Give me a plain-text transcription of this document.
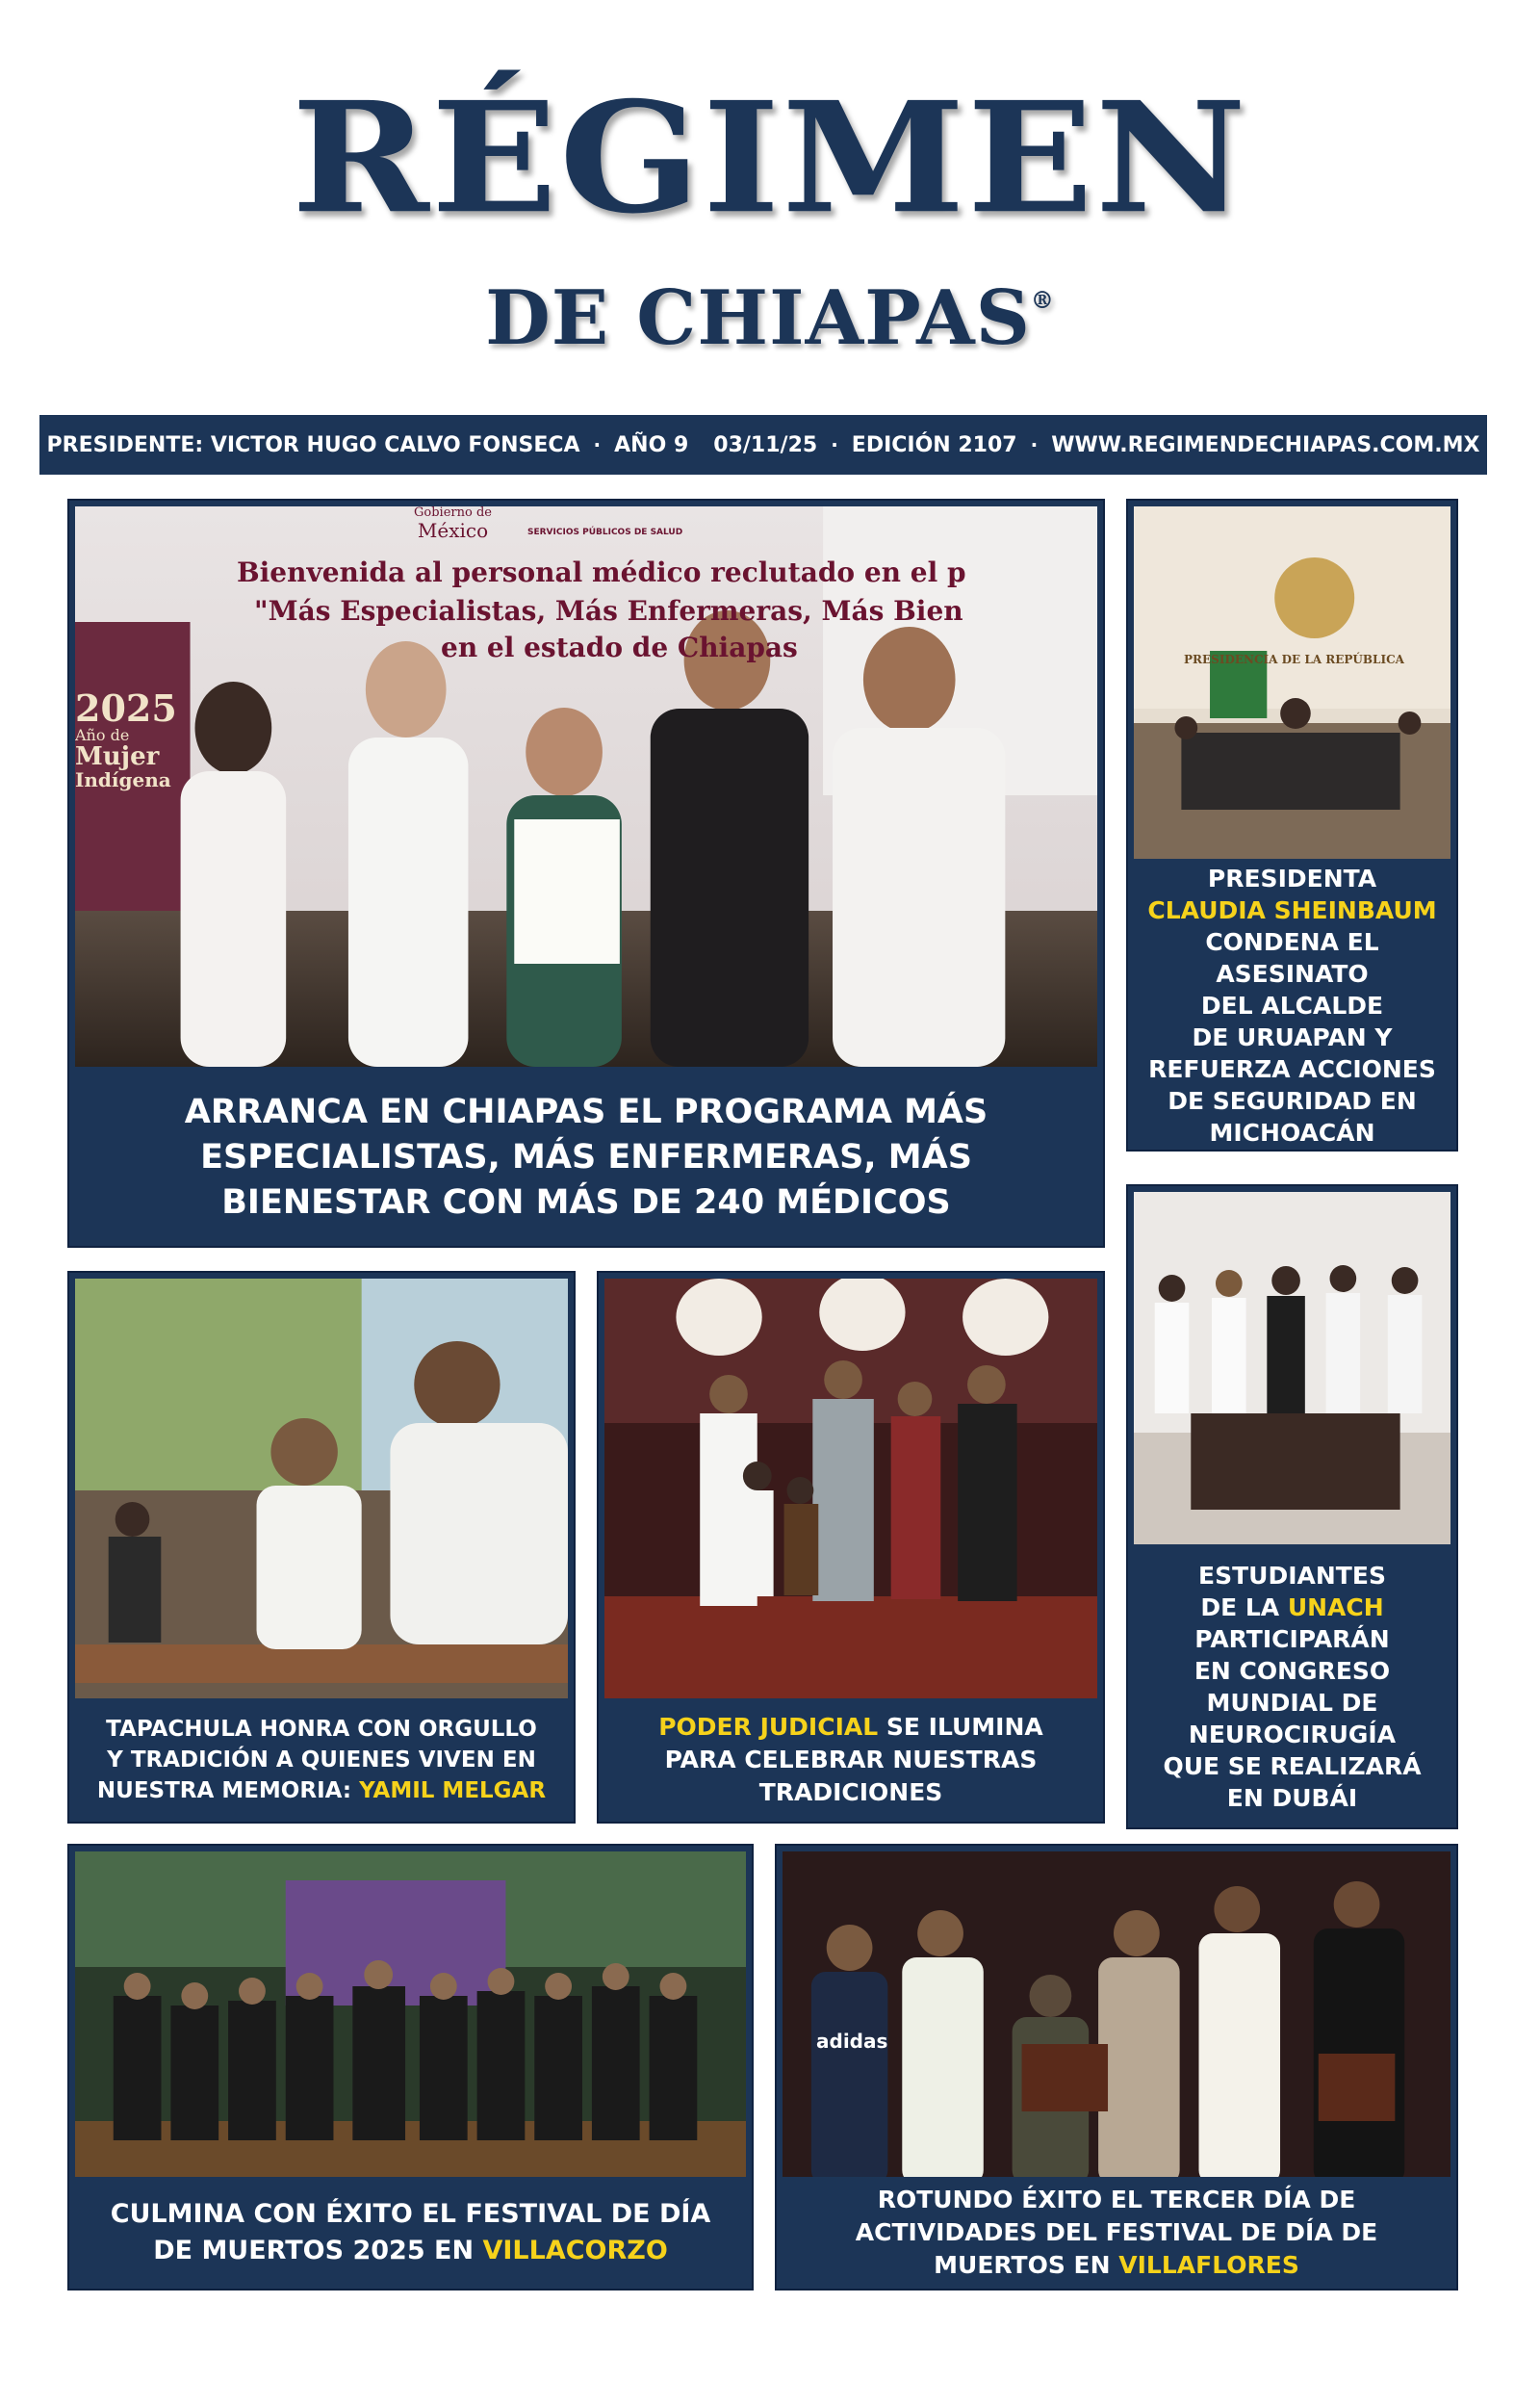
RÉGIMEN
DE CHIAPAS®
PRESIDENTE: VICTOR HUGO CALVO FONSECA · AÑO 9 03/11/25 · EDICIÓN 2107 · WWW.REGIMENDECHIAPAS.COM.MX
Gobierno de
México	SERVICIOS PÚBLICOS DE SALUD
Bienvenida al personal médico reclutado en el p
"Más Especialistas, Más Enfermeras, Más Bien
en el estado de Chiapas
2025
Año de
Mujer
Indígena
ARRANCA EN CHIAPAS EL PROGRAMA MÁS ESPECIALISTAS, MÁS ENFERMERAS, MÁS BIENESTAR CON MÁS DE 240 MÉDICOS
PRESIDENCIA DE LA REPÚBLICA
PRESIDENTA
CLAUDIA SHEINBAUM
CONDENA EL
ASESINATO
DEL ALCALDE
DE URUAPAN Y
REFUERZA ACCIONES
DE SEGURIDAD EN
MICHOACÁN
ESTUDIANTES
DE LA UNACH
PARTICIPARÁN
EN CONGRESO
MUNDIAL DE
NEUROCIRUGÍA
QUE SE REALIZARÁ
EN DUBÁI
TAPACHULA HONRA CON ORGULLO
Y TRADICIÓN A QUIENES VIVEN EN
NUESTRA MEMORIA: YAMIL MELGAR
PODER JUDICIAL SE ILUMINA
PARA CELEBRAR NUESTRAS
TRADICIONES
CULMINA CON ÉXITO EL FESTIVAL DE DÍA
DE MUERTOS 2025 EN VILLACORZO
adidas
ROTUNDO ÉXITO EL TERCER DÍA DE
ACTIVIDADES DEL FESTIVAL DE DÍA DE
MUERTOS EN VILLAFLORES
